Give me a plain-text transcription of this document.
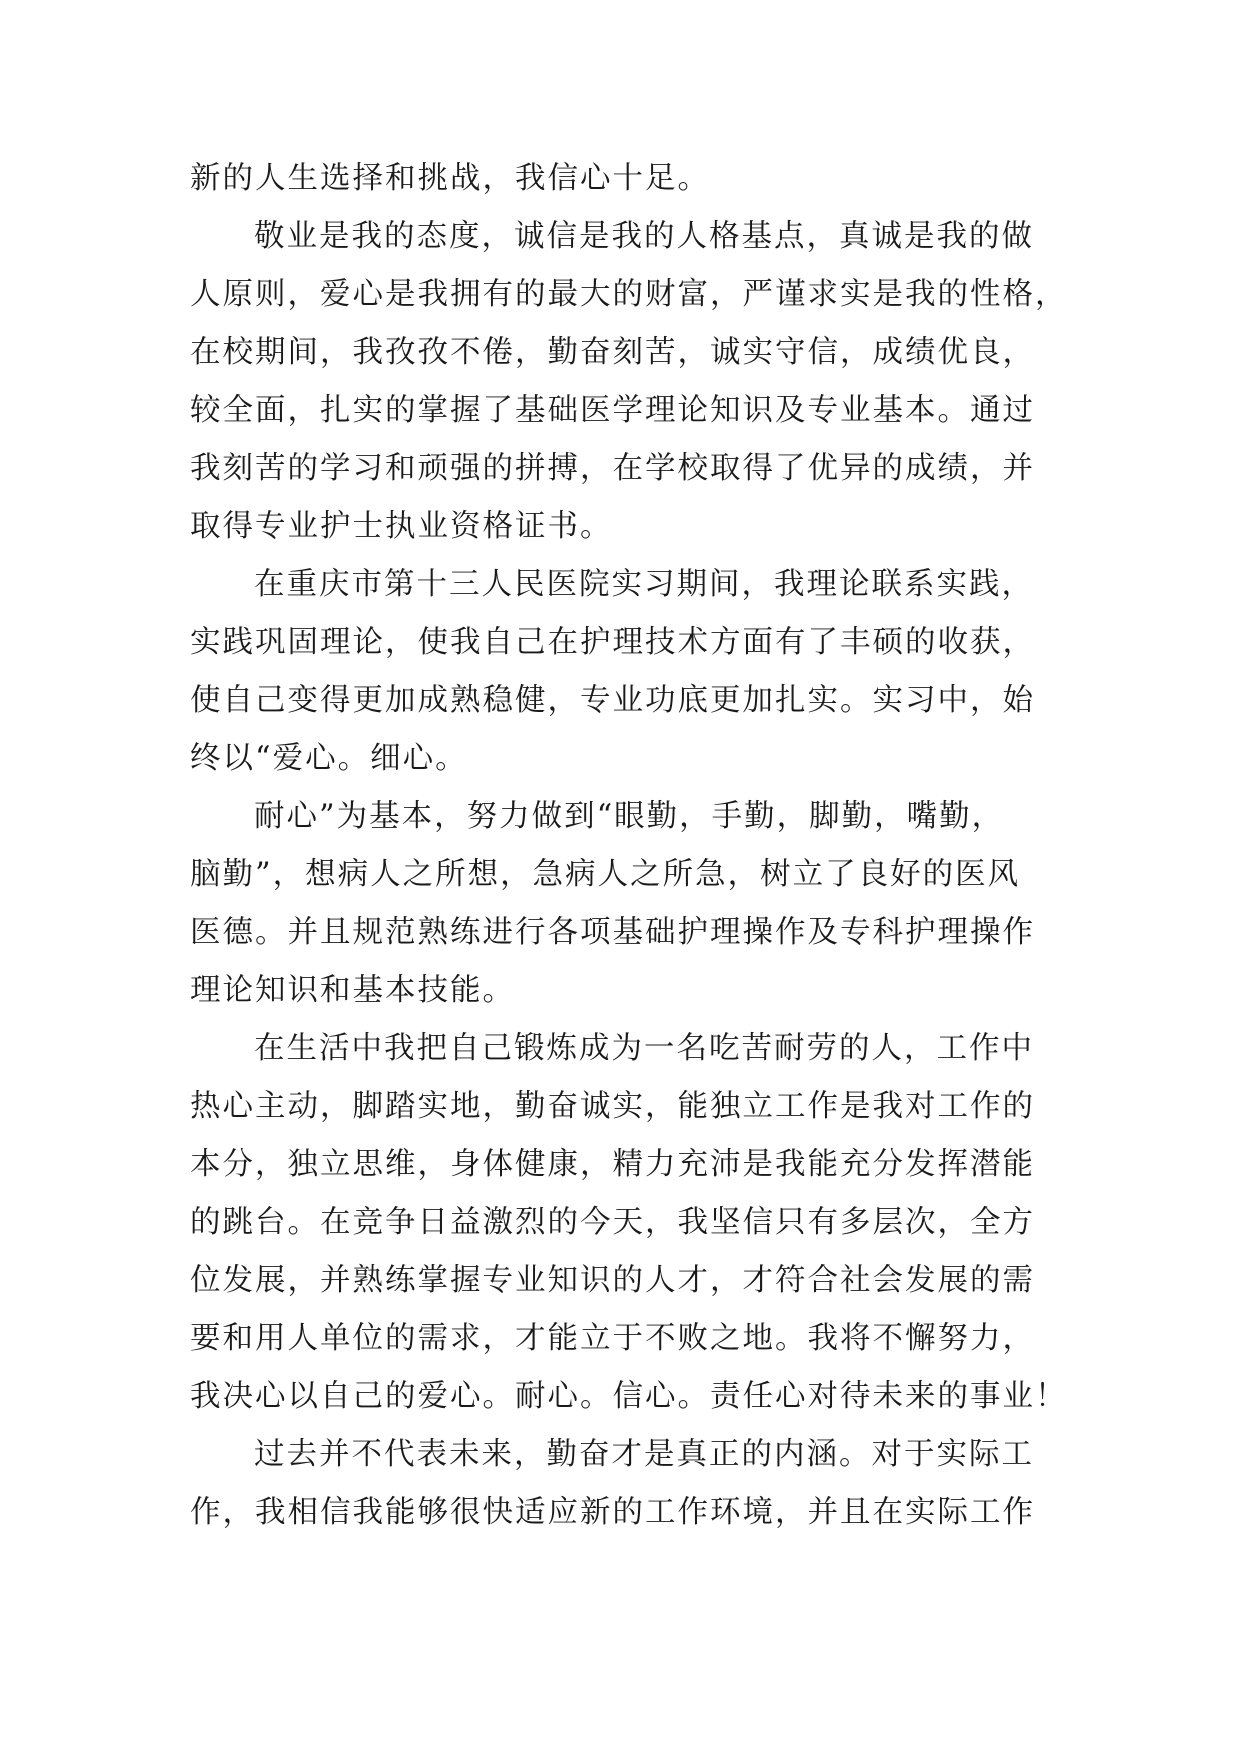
新的人生选择和挑战，我信心十足。
敬业是我的态度，诚信是我的人格基点，真诚是我的做
人原则，爱心是我拥有的最大的财富，严谨求实是我的性格，
在校期间，我孜孜不倦，勤奋刻苦，诚实守信，成绩优良，
较全面，扎实的掌握了基础医学理论知识及专业基本。通过
我刻苦的学习和顽强的拼搏，在学校取得了优异的成绩，并
取得专业护士执业资格证书。
在重庆市第十三人民医院实习期间，我理论联系实践，
实践巩固理论，使我自己在护理技术方面有了丰硕的收获，
使自己变得更加成熟稳健，专业功底更加扎实。实习中，始
终以“爱心。细心。
耐心”为基本，努力做到“眼勤，手勤，脚勤，嘴勤，
脑勤”，想病人之所想，急病人之所急，树立了良好的医风
医德。并且规范熟练进行各项基础护理操作及专科护理操作
理论知识和基本技能。
在生活中我把自己锻炼成为一名吃苦耐劳的人，工作中
热心主动，脚踏实地，勤奋诚实，能独立工作是我对工作的
本分，独立思维，身体健康，精力充沛是我能充分发挥潜能
的跳台。在竞争日益激烈的今天，我坚信只有多层次，全方
位发展，并熟练掌握专业知识的人才，才符合社会发展的需
要和用人单位的需求，才能立于不败之地。我将不懈努力，
我决心以自己的爱心。耐心。信心。责任心对待未来的事业！
过去并不代表未来，勤奋才是真正的内涵。对于实际工
作，我相信我能够很快适应新的工作环境，并且在实际工作
